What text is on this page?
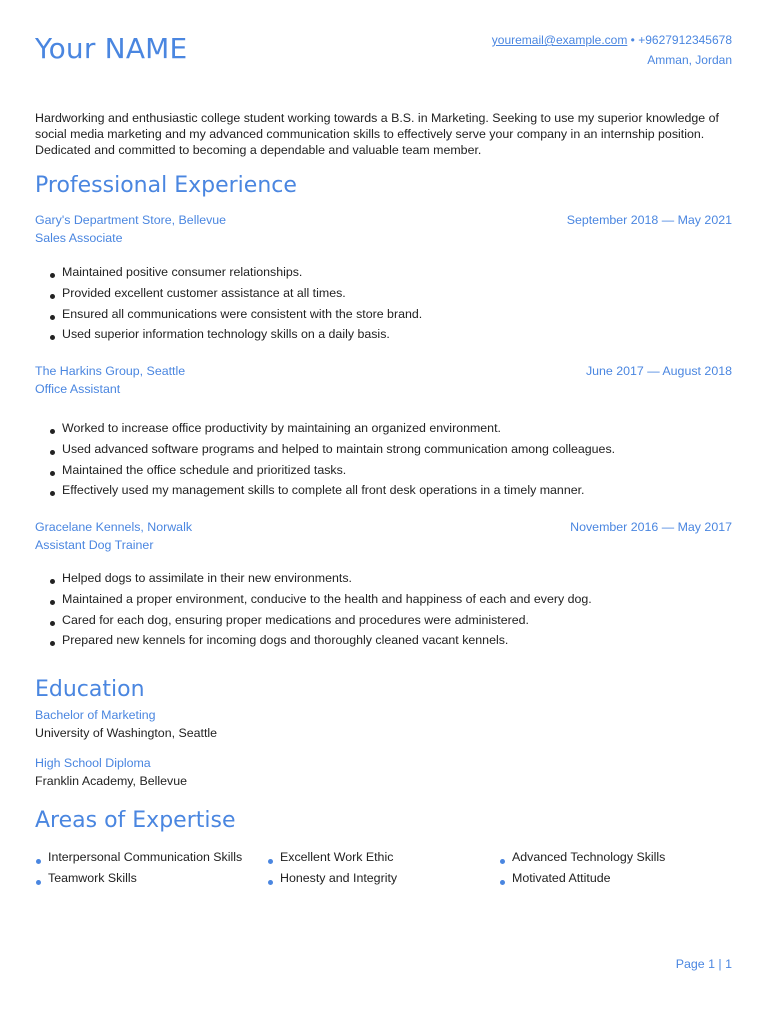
Your NAME	youremail@example.com • +9627912345678
Amman, Jordan
Hardworking and enthusiastic college student working towards a B.S. in Marketing. Seeking to use my superior knowledge of social media marketing and my advanced communication skills to effectively serve your company in an internship position. Dedicated and committed to becoming a dependable and valuable team member.
Professional Experience
Gary's Department Store, Bellevue
Sales Associate
September 2018 — May 2021
Maintained positive consumer relationships.
Provided excellent customer assistance at all times.
Ensured all communications were consistent with the store brand.
Used superior information technology skills on a daily basis.
The Harkins Group, Seattle
Office Assistant
June 2017 — August 2018
Worked to increase office productivity by maintaining an organized environment.
Used advanced software programs and helped to maintain strong communication among colleagues.
Maintained the office schedule and prioritized tasks.
Effectively used my management skills to complete all front desk operations in a timely manner.
Gracelane Kennels, Norwalk
Assistant Dog Trainer
November 2016 — May 2017
Helped dogs to assimilate in their new environments.
Maintained a proper environment, conducive to the health and happiness of each and every dog.
Cared for each dog, ensuring proper medications and procedures were administered.
Prepared new kennels for incoming dogs and thoroughly cleaned vacant kennels.
Education
Bachelor of Marketing
University of Washington, Seattle
High School Diploma
Franklin Academy, Bellevue
Areas of Expertise
Interpersonal Communication Skills	Excellent Work Ethic	Advanced Technology Skills
Teamwork Skills	Honesty and Integrity	Motivated Attitude
Page 1 | 1
